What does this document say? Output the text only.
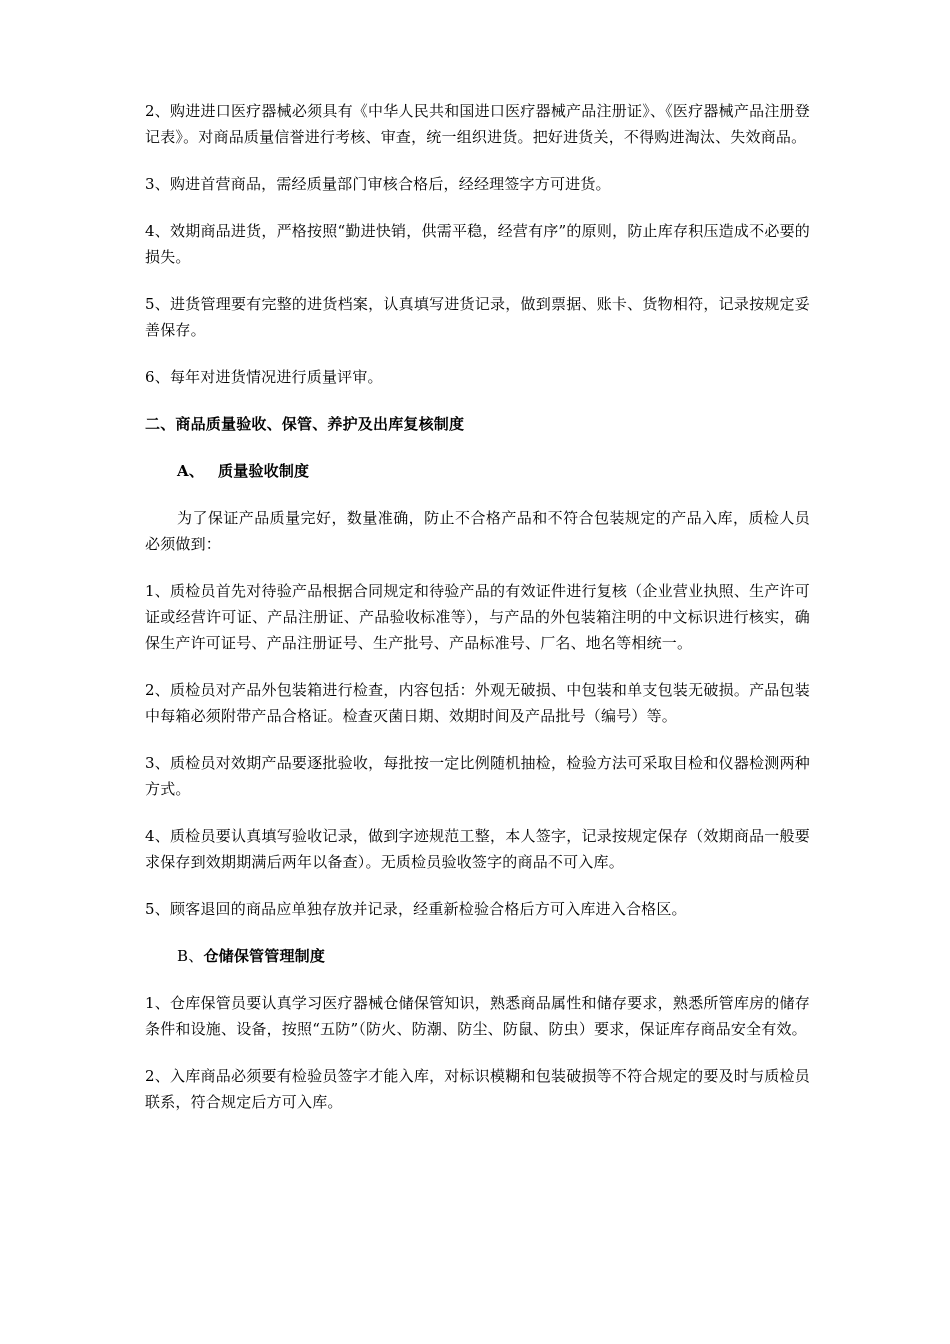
2、购进进口医疗器械必须具有《中华人民共和国进口医疗器械产品注册证》、《医疗器械产品注册登记表》。对商品质量信誉进行考核、审查，统一组织进货。把好进货关，不得购进淘汰、失效商品。

3、购进首营商品，需经质量部门审核合格后，经经理签字方可进货。

4、效期商品进货，严格按照“勤进快销，供需平稳，经营有序”的原则，防止库存积压造成不必要的损失。

5、进货管理要有完整的进货档案，认真填写进货记录，做到票据、账卡、货物相符，记录按规定妥善保存。

6、每年对进货情况进行质量评审。

二、商品质量验收、保管、养护及出库复核制度

A、 质量验收制度

为了保证产品质量完好，数量准确，防止不合格产品和不符合包装规定的产品入库，质检人员必须做到：

1、质检员首先对待验产品根据合同规定和待验产品的有效证件进行复核（企业营业执照、生产许可证或经营许可证、产品注册证、产品验收标准等），与产品的外包装箱注明的中文标识进行核实，确保生产许可证号、产品注册证号、生产批号、产品标准号、厂名、地名等相统一。

2、质检员对产品外包装箱进行检查，内容包括：外观无破损、中包装和单支包装无破损。产品包装中每箱必须附带产品合格证。检查灭菌日期、效期时间及产品批号（编号）等。

3、质检员对效期产品要逐批验收，每批按一定比例随机抽检，检验方法可采取目检和仪器检测两种方式。

4、质检员要认真填写验收记录，做到字迹规范工整，本人签字，记录按规定保存（效期商品一般要求保存到效期期满后两年以备查）。无质检员验收签字的商品不可入库。

5、顾客退回的商品应单独存放并记录，经重新检验合格后方可入库进入合格区。

B、仓储保管管理制度

1、仓库保管员要认真学习医疗器械仓储保管知识，熟悉商品属性和储存要求，熟悉所管库房的储存条件和设施、设备，按照“五防”（防火、防潮、防尘、防鼠、防虫）要求，保证库存商品安全有效。

2、入库商品必须要有检验员签字才能入库，对标识模糊和包装破损等不符合规定的要及时与质检员联系，符合规定后方可入库。
